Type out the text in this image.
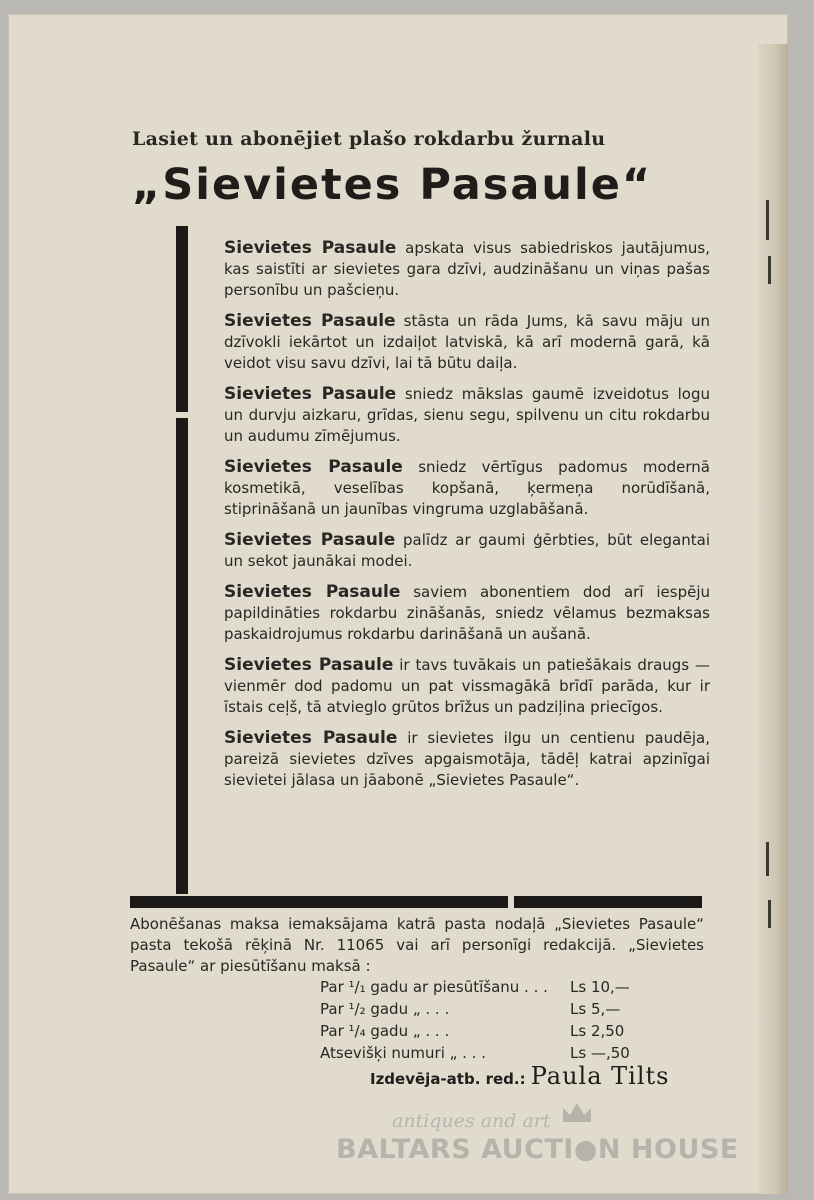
Lasiet un abonējiet plašo rokdarbu žurnalu
„Sievietes Pasaule“

Sievietes Pasaule apskata visus sabiedriskos jautājumus, kas saistīti ar sievietes gara dzīvi, audzināšanu un viņas pašas personību un pašcieņu.

Sievietes Pasaule stāsta un rāda Jums, kā savu māju un dzīvokli iekārtot un izdaiļot latviskā, kā arī modernā garā, kā veidot visu savu dzīvi, lai tā būtu daiļa.

Sievietes Pasaule sniedz mākslas gaumē izveidotus logu un durvju aizkaru, grīdas, sienu segu, spilvenu un citu rokdarbu un audumu zīmējumus.

Sievietes Pasaule sniedz vērtīgus padomus modernā kosmetikā, veselības kopšanā, ķermeņa norūdīšanā, stiprināšanā un jaunības vingruma uzglabāšanā.

Sievietes Pasaule palīdz ar gaumi ģērbties, būt elegantai un sekot jaunākai modei.

Sievietes Pasaule saviem abonentiem dod arī iespēju papildināties rokdarbu zināšanās, sniedz vēlamus bezmaksas paskaidrojumus rokdarbu darināšanā un aušanā.

Sievietes Pasaule ir tavs tuvākais un patiešākais draugs — vienmēr dod padomu un pat vissmagākā brīdī parāda, kur ir īstais ceļš, tā atvieglo grūtos brīžus un padziļina priecīgos.

Sievietes Pasaule ir sievietes ilgu un centienu paudēja, pareizā sievietes dzīves apgaismotāja, tādēļ katrai apzinīgai sievietei jālasa un jāabonē „Sievietes Pasaule“.

Abonēšanas maksa iemaksājama katrā pasta nodaļā „Sievietes Pasaule“ pasta tekošā rēķinā Nr. 11065 vai arī personīgi redakcijā. „Sievietes Pasaule“ ar piesūtīšanu maksā :
Par ¹/₁ gadu ar piesūtīšanu . . .	Ls 10,—
Par ¹/₂ gadu „ . . .	Ls 5,—
Par ¹/₄ gadu „ . . .	Ls 2,50
Atsevišķi numuri „ . . .	Ls —,50
Izdevēja-atb. red.: Paula Tilts
antiques and art
BALTARS AUCTI●N HOUSE
